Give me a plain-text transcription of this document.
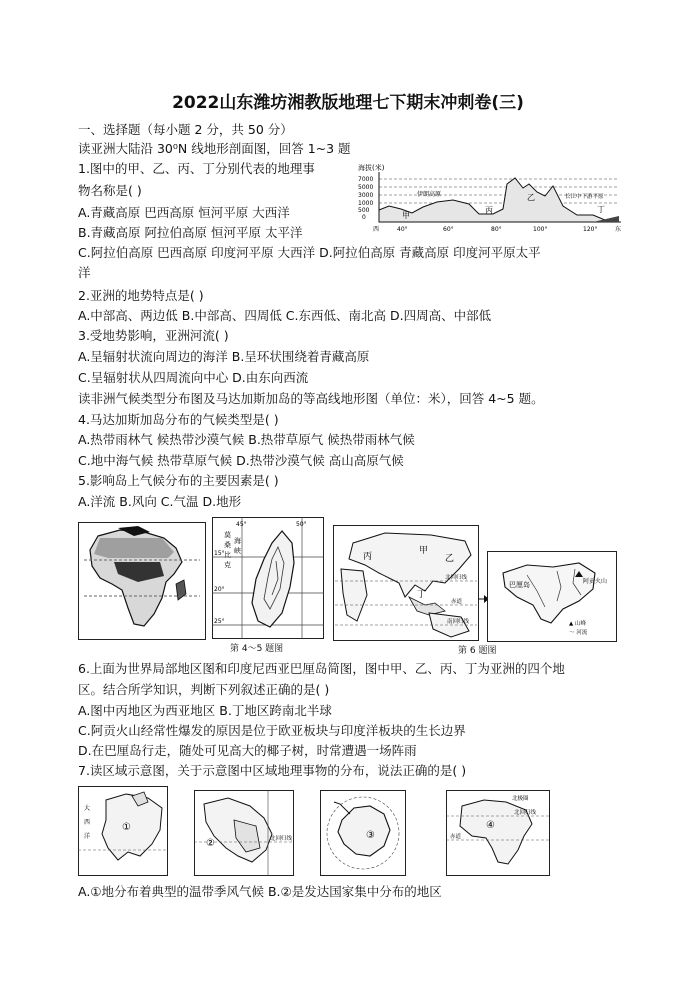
2022山东潍坊湘教版地理七下期末冲刺卷(三)
一、选择题（每小题 2 分，共 50 分）
读亚洲大陆沿 30⁰N 线地形剖面图，回答 1~3 题
1.图中的甲、乙、丙、丁分别代表的地理事
物名称是( )
A.青藏高原 巴西高原 恒河平原 大西洋
B.青藏高原 阿拉伯高原 恒河平原 太平洋
C.阿拉伯高原 巴西高原 印度河平原 大西洋 D.阿拉伯高原 青藏高原 印度河平原太平
洋
2.亚洲的地势特点是( )
A.中部高、两边低 B.中部高、四周低 C.东西低、南北高 D.四周高、中部低
3.受地势影响，亚洲河流( )
A.呈辐射状流向周边的海洋 B.呈环状围绕着青藏高原
C.呈辐射状从四周流向中心 D.由东向西流
读非洲气候类型分布图及马达加斯加岛的等高线地形图（单位：米），回答 4~5 题。
4.马达加斯加岛分布的气候类型是( )
A.热带雨林气 候热带沙漠气候 B.热带草原气 候热带雨林气候
C.地中海气候 热带草原气候 D.热带沙漠气候 高山高原气候
5.影响岛上气候分布的主要因素是( )
A.洋流 B.风向 C.气温 D.地形
海拔(米)
7000
5000
3000
1000
500
0	甲
丙
乙
丁
伊朗高原	长江中下游平原
西	40°	60°	80°	100°	120°	东
45°	50°
15°
20°
25°
莫
桑
比
克
海
峡
第 4～5 题图
甲
乙
丙
丁
北回归线
赤道
南回归线
巴厘岛	阿贡火山
▲ 山峰
～ 河流
第 6 题图
6.上面为世界局部地区图和印度尼西亚巴厘岛简图，图中甲、乙、丙、丁为亚洲的四个地
区。结合所学知识，判断下列叙述正确的是( )
A.图中丙地区为西亚地区 B.丁地区跨南北半球
C.阿贡火山经常性爆发的原因是位于欧亚板块与印度洋板块的生长边界
D.在巴厘岛行走，随处可见高大的椰子树，时常遭遇一场阵雨
7.读区域示意图，关于示意图中区域地理事物的分布，说法正确的是( )
①
大
西
洋
②	北回归线	③
④
北极圈
北回归线
赤道
A.①地分布着典型的温带季风气候 B.②是发达国家集中分布的地区
